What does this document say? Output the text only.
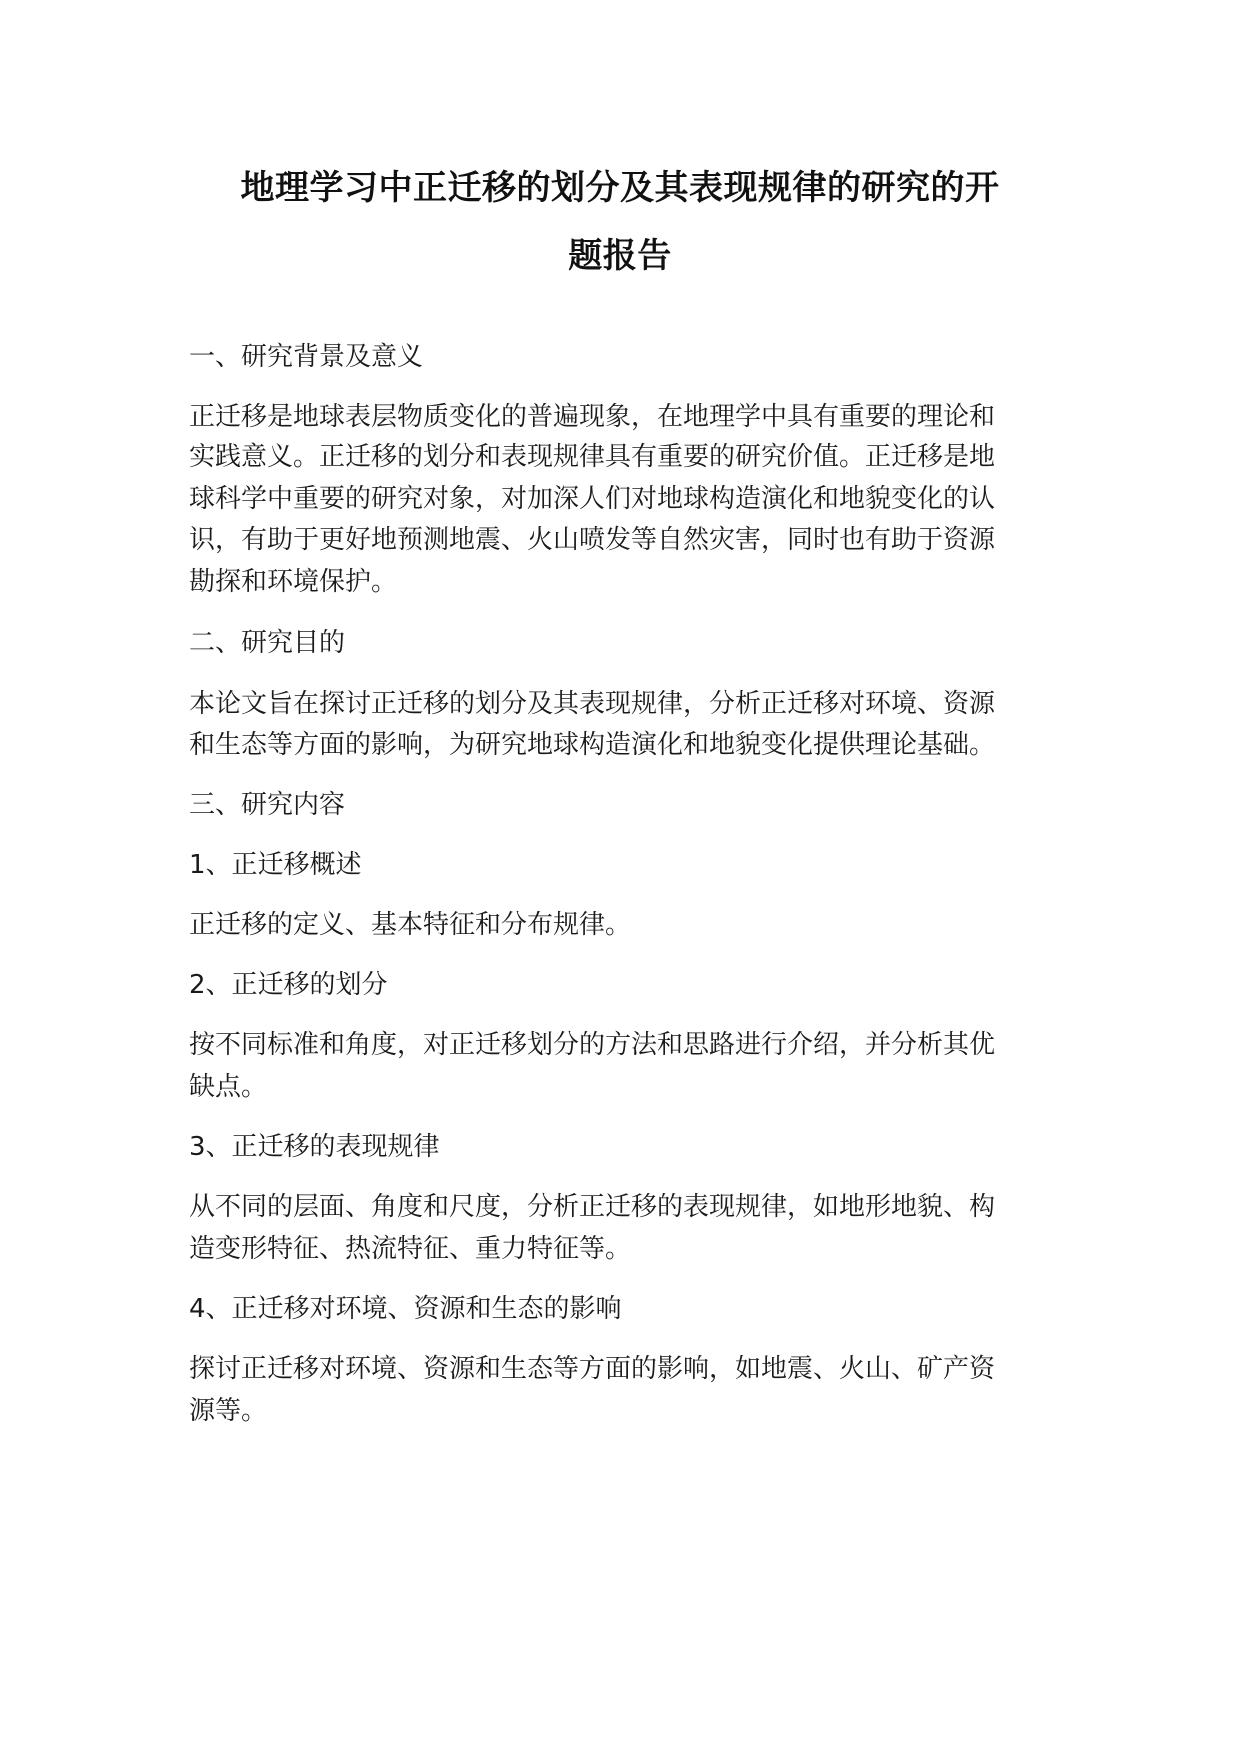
地理学习中正迁移的划分及其表现规律的研究的开
题报告
一、研究背景及意义
正迁移是地球表层物质变化的普遍现象，在地理学中具有重要的理论和
实践意义。正迁移的划分和表现规律具有重要的研究价值。正迁移是地
球科学中重要的研究对象，对加深人们对地球构造演化和地貌变化的认
识，有助于更好地预测地震、火山喷发等自然灾害，同时也有助于资源
勘探和环境保护。
二、研究目的
本论文旨在探讨正迁移的划分及其表现规律，分析正迁移对环境、资源
和生态等方面的影响，为研究地球构造演化和地貌变化提供理论基础。
三、研究内容
1、正迁移概述
正迁移的定义、基本特征和分布规律。
2、正迁移的划分
按不同标准和角度，对正迁移划分的方法和思路进行介绍，并分析其优
缺点。
3、正迁移的表现规律
从不同的层面、角度和尺度，分析正迁移的表现规律，如地形地貌、构
造变形特征、热流特征、重力特征等。
4、正迁移对环境、资源和生态的影响
探讨正迁移对环境、资源和生态等方面的影响，如地震、火山、矿产资
源等。
